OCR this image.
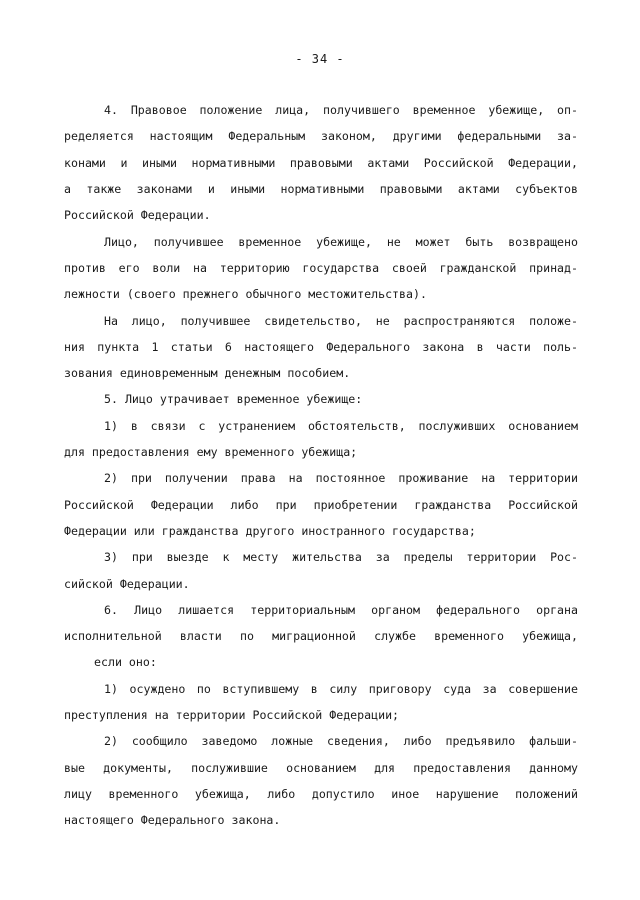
- 34 -

4. Правовое положение лица, получившего временное убежище, оп-

ределяется настоящим Федеральным законом, другими федеральными за-

конами и иными нормативными правовыми актами Российской Федерации,

а также законами и иными нормативными правовыми актами субъектов

Российской Федерации.

Лицо, получившее временное убежище, не может быть возвращено

против его воли на территорию государства своей гражданской принад-

лежности (своего прежнего обычного местожительства).

На лицо, получившее свидетельство, не распространяются положе-

ния пункта 1 статьи 6 настоящего Федерального закона в части поль-

зования единовременным денежным пособием.

5. Лицо утрачивает временное убежище:

1) в связи с устранением обстоятельств, послуживших основанием

для предоставления ему временного убежища;

2) при получении права на постоянное проживание на территории

Российской Федерации либо при приобретении гражданства Российской

Федерации или гражданства другого иностранного государства;

3) при выезде к месту жительства за пределы территории Рос-

сийской Федерации.

6. Лицо лишается территориальным органом федерального органа

исполнительной власти по миграционной службе временного убежища,

если оно:

1) осуждено по вступившему в силу приговору суда за совершение

преступления на территории Российской Федерации;

2) сообщило заведомо ложные сведения, либо предъявило фальши-

вые документы, послужившие основанием для предоставления данному

лицу временного убежища, либо допустило иное нарушение положений

настоящего Федерального закона.
